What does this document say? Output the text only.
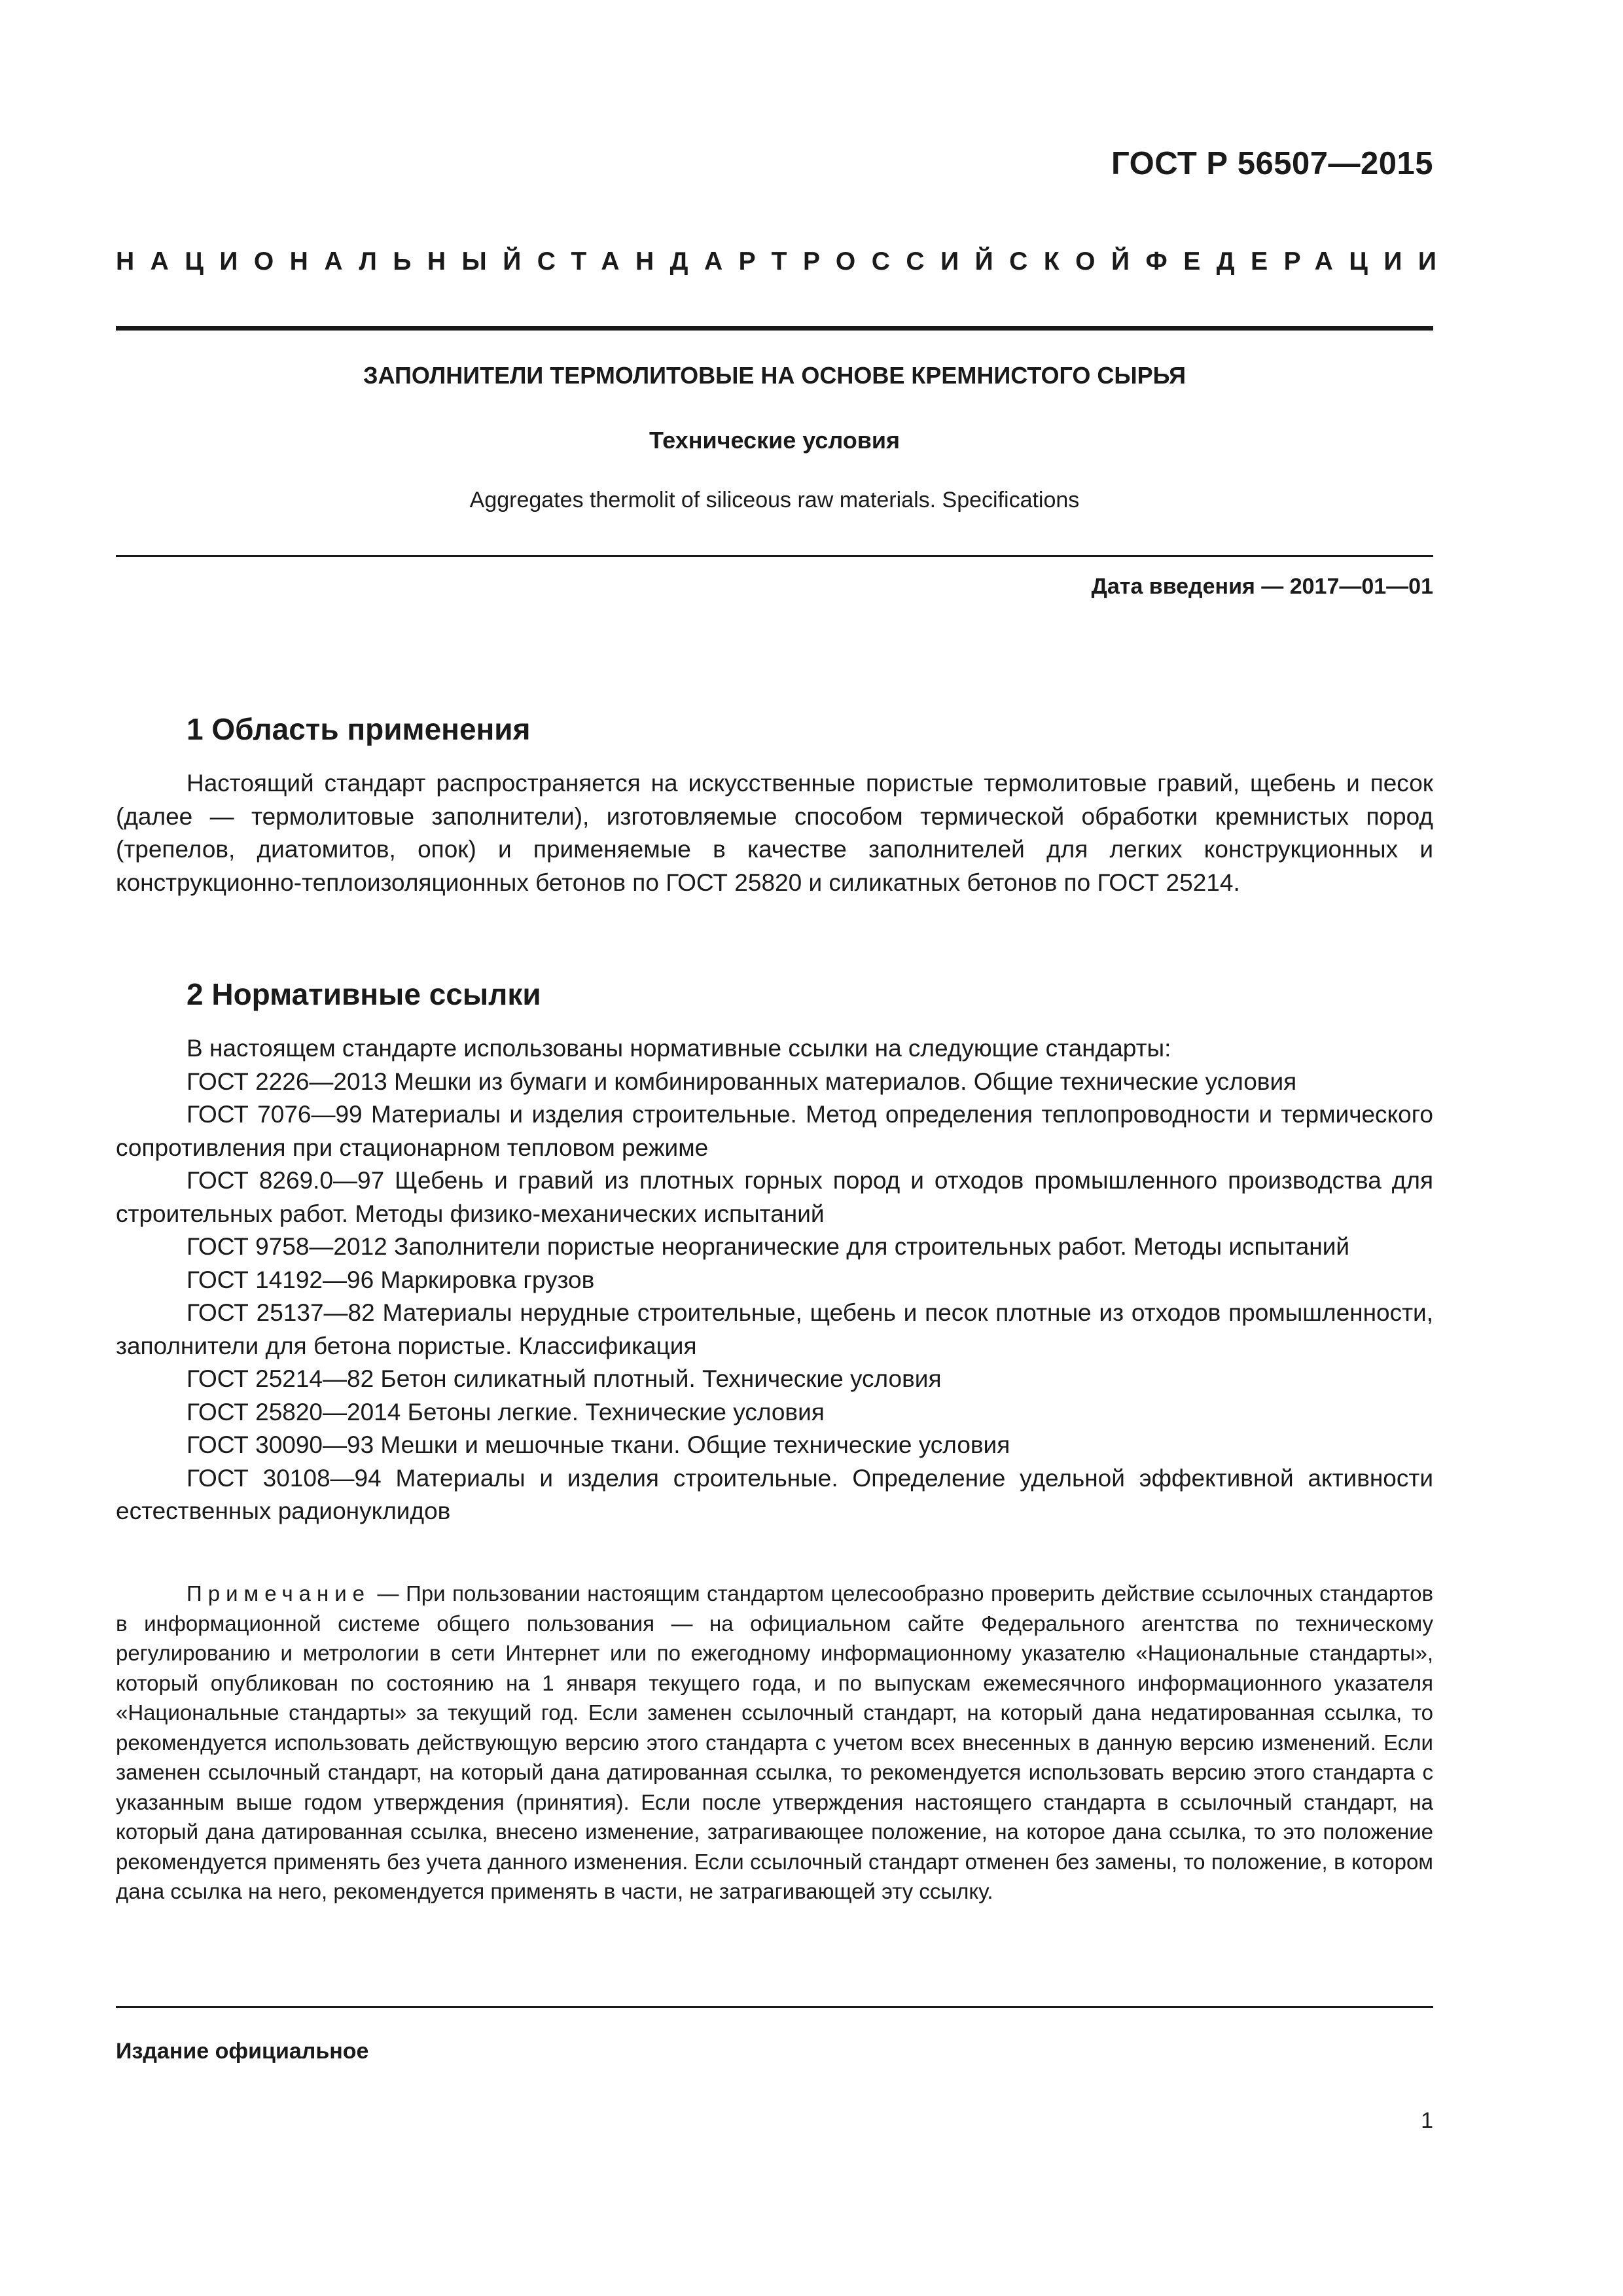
ГОСТ Р 56507—2015
НАЦИОНАЛЬНЫЙ СТАНДАРТ РОССИЙСКОЙ ФЕДЕРАЦИИ
ЗАПОЛНИТЕЛИ ТЕРМОЛИТОВЫЕ НА ОСНОВЕ КРЕМНИСТОГО СЫРЬЯ
Технические условия
Aggregates thermolit of siliceous raw materials. Specifications
Дата введения — 2017—01—01
1 Область применения

Настоящий стандарт распространяется на искусственные пористые термолитовые гравий, щебень и песок (далее — термолитовые заполнители), изготовляемые способом термической обработки кремнистых пород (трепелов, диатомитов, опок) и применяемые в качестве заполнителей для легких конструкционных и конструкционно-теплоизоляционных бетонов по ГОСТ 25820 и силикатных бетонов по ГОСТ 25214.

2 Нормативные ссылки

В настоящем стандарте использованы нормативные ссылки на следующие стандарты:

ГОСТ 2226—2013 Мешки из бумаги и комбинированных материалов. Общие технические условия

ГОСТ 7076—99 Материалы и изделия строительные. Метод определения теплопроводности и термического сопротивления при стационарном тепловом режиме

ГОСТ 8269.0—97 Щебень и гравий из плотных горных пород и отходов промышленного производства для строительных работ. Методы физико-механических испытаний

ГОСТ 9758—2012 Заполнители пористые неорганические для строительных работ. Методы испытаний

ГОСТ 14192—96 Маркировка грузов

ГОСТ 25137—82 Материалы нерудные строительные, щебень и песок плотные из отходов промышленности, заполнители для бетона пористые. Классификация

ГОСТ 25214—82 Бетон силикатный плотный. Технические условия

ГОСТ 25820—2014 Бетоны легкие. Технические условия

ГОСТ 30090—93 Мешки и мешочные ткани. Общие технические условия

ГОСТ 30108—94 Материалы и изделия строительные. Определение удельной эффективной активности естественных радионуклидов

Примечание — При пользовании настоящим стандартом целесообразно проверить действие ссылочных стандартов в информационной системе общего пользования — на официальном сайте Федерального агентства по техническому регулированию и метрологии в сети Интернет или по ежегодному информационному указателю «Национальные стандарты», который опубликован по состоянию на 1 января текущего года, и по выпускам ежемесячного информационного указателя «Национальные стандарты» за текущий год. Если заменен ссылочный стандарт, на который дана недатированная ссылка, то рекомендуется использовать действующую версию этого стандарта с учетом всех внесенных в данную версию изменений. Если заменен ссылочный стандарт, на который дана датированная ссылка, то рекомендуется использовать версию этого стандарта с указанным выше годом утверждения (принятия). Если после утверждения настоящего стандарта в ссылочный стандарт, на который дана датированная ссылка, внесено изменение, затрагивающее положение, на которое дана ссылка, то это положение рекомендуется применять без учета данного изменения. Если ссылочный стандарт отменен без замены, то положение, в котором дана ссылка на него, рекомендуется применять в части, не затрагивающей эту ссылку.
Издание официальное
1
